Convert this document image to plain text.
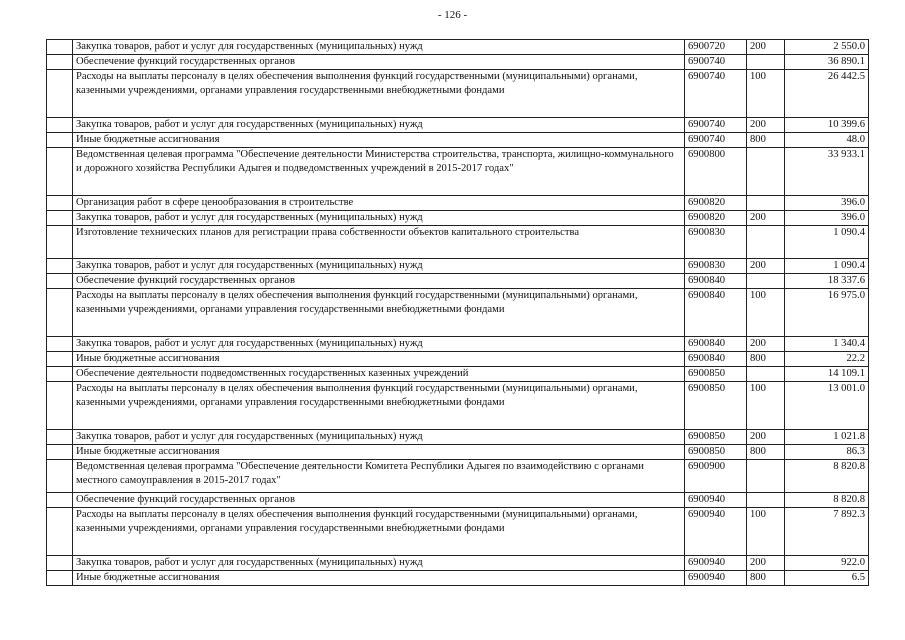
- 126 -
	Закупка товаров, работ и услуг для государственных (муниципальных) нужд	6900720	200	2 550.0
	Обеспечение функций государственных органов	6900740		36 890.1
	Расходы на выплаты персоналу в целях обеспечения выполнения функций государственными (муниципальными) органами, казенными учреждениями, органами управления государственными внебюджетными фондами	6900740	100	26 442.5
	Закупка товаров, работ и услуг для государственных (муниципальных) нужд	6900740	200	10 399.6
	Иные бюджетные ассигнования	6900740	800	48.0
	Ведомственная целевая программа "Обеспечение деятельности Министерства строительства, транспорта, жилищно-коммунального и дорожного хозяйства Республики Адыгея и подведомственных учреждений в 2015-2017 годах"	6900800		33 933.1
	Организация работ в сфере ценообразования в строительстве	6900820		396.0
	Закупка товаров, работ и услуг для государственных (муниципальных) нужд	6900820	200	396.0
	Изготовление технических планов для регистрации права собственности объектов капитального строительства	6900830		1 090.4
	Закупка товаров, работ и услуг для государственных (муниципальных) нужд	6900830	200	1 090.4
	Обеспечение функций государственных органов	6900840		18 337.6
	Расходы на выплаты персоналу в целях обеспечения выполнения функций государственными (муниципальными) органами, казенными учреждениями, органами управления государственными внебюджетными фондами	6900840	100	16 975.0
	Закупка товаров, работ и услуг для государственных (муниципальных) нужд	6900840	200	1 340.4
	Иные бюджетные ассигнования	6900840	800	22.2
	Обеспечение деятельности подведомственных государственных казенных учреждений	6900850		14 109.1
	Расходы на выплаты персоналу в целях обеспечения выполнения функций государственными (муниципальными) органами, казенными учреждениями, органами управления государственными внебюджетными фондами	6900850	100	13 001.0
	Закупка товаров, работ и услуг для государственных (муниципальных) нужд	6900850	200	1 021.8
	Иные бюджетные ассигнования	6900850	800	86.3
	Ведомственная целевая программа "Обеспечение деятельности Комитета Республики Адыгея по взаимодействию с органами местного самоуправления в 2015-2017 годах"	6900900		8 820.8
	Обеспечение функций государственных органов	6900940		8 820.8
	Расходы на выплаты персоналу в целях обеспечения выполнения функций государственными (муниципальными) органами, казенными учреждениями, органами управления государственными внебюджетными фондами	6900940	100	7 892.3
	Закупка товаров, работ и услуг для государственных (муниципальных) нужд	6900940	200	922.0
	Иные бюджетные ассигнования	6900940	800	6.5
